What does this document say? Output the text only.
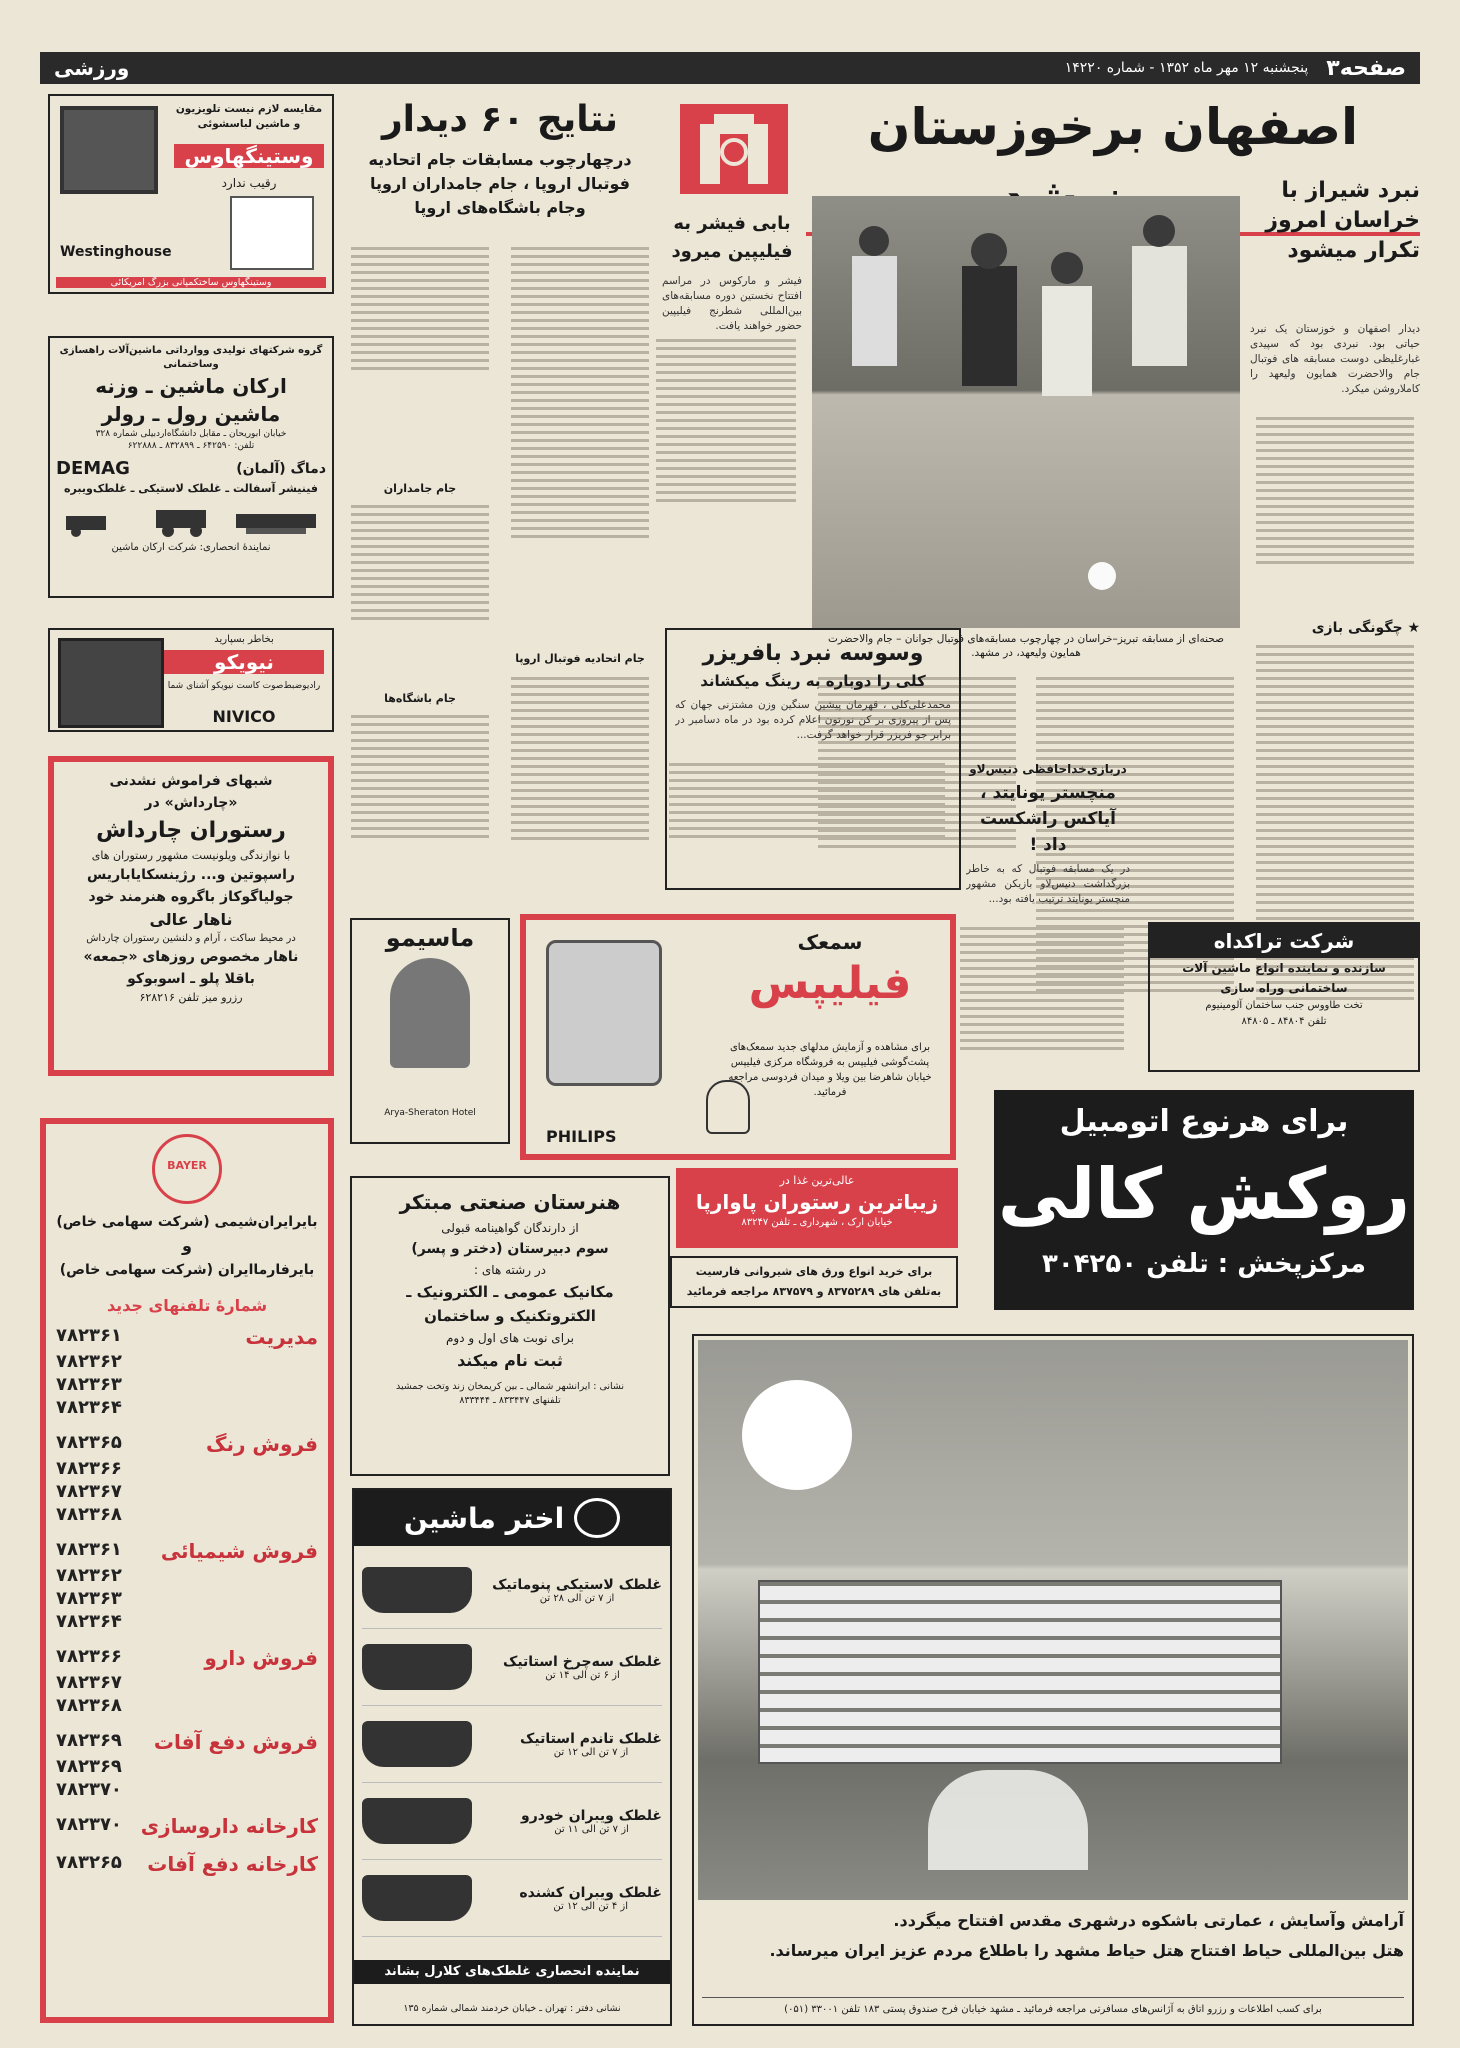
صفحه۳
پنجشنبه ۱۲ مهر ماه ۱۳۵۲ - شماره ۱۴۲۲۰
ورزشی
اصفهان برخوزستان
نبرد شیراز با خراسان امروز تکرار میشود
دیدار اصفهان و خوزستان یک نبرد حیاتی بود. نبردی بود که سپیدی غبارغلیظی دوست مسابقه های فوتبال جام والاحضرت همایون ولیعهد را کاملاروشن میکرد.
★ چگونگی بازی
صحنه‌ای از مسابقه تبریز–خراسان در چهارچوب مسابقه‌های فوتبال جوانان – جام والاحضرت همایون ولیعهد، در مشهد.
بابی فیشر به فیلیپین میرود
فیشر و مارکوس در مراسم افتتاح نخستین دوره مسابقه‌های بین‌المللی شطرنج فیلیپین حضور خواهند یافت.
نتایج ۶۰ دیدار
درچهارچوب مسابقات جام اتحادیه فوتبال اروپا ، جام جامداران اروپا وجام باشگاه‌های اروپا
جام اتحادیه فوتبال اروپا
جام جامداران
جام باشگاه‌ها
وسوسه نبرد بافریزر
کلی را دوباره به رینگ میکشاند
محمدعلی‌کلی ، قهرمان پیشین سنگین وزن مشتزنی جهان که پس از پیروزی بر کن نورتون اعلام کرده بود در ماه دسامبر در برابر جو فریزر قرار خواهد گرفت...
دربازی‌خداحافظی دنیس‌لاو
منچستر یونایتد ، آیاکس راشکست داد !
در یک مسابقه فوتبال که به خاطر بزرگداشت دنیس‌لاو بازیکن مشهور منچستر یونایتد ترتیب یافته بود...
مقایسه لازم نیست تلویزیون و ماشین لباسشوئی
وستینگهاوس
رقیب ندارد
Westinghouse
وستینگهاوس ساختکمپانی بزرگ امریکائی
گروه شرکتهای تولیدی ووارداتی ماشین‌آلات راهسازی وساختمانی
ارکان ماشین ـ وزنه
ماشین رول ـ رولر
خیابان ابوریحان ـ مقابل دانشگاه‌اردبیلی شماره ۳۲۸
تلفن: ۶۴۲۵۹۰ ـ ۸۳۲۸۹۹ ـ ۶۲۲۸۸۸
DEMAG	دماگ (آلمان)
فینیشر آسفالت ـ غلطک لاستیکی ـ غلطک‌ویبره
نمایندهٔ انحصاری: شرکت ارکان ماشین
بخاطر بسپارید
نیویکو
راديو‌ضبط‌صوت کاست نیویکو آشنای شما
NIVICO
شبهای فراموش نشدنی
«چارداش» در
رستوران چارداش
با نوازندگی ویلونیست مشهور رستوران های
راسپوتین و... رژینسکایاباریس
جولیاگوکاز باگروه هنرمند خود
ناهار عالی
در محیط ساکت ، آرام و دلنشین رستوران چارداش
ناهار مخصوص روزهای «جمعه»
باقلا پلو ـ اسوبوکو
رزرو میز تلفن ۶۲۸۲۱۶
BAYER
بایرایران‌شیمی (شرکت سهامی خاص)
و
بایرفارماایران (شرکت سهامی خاص)
شمارهٔ تلفنهای جدید
مدیریت
۷۸۲۳۶۱
۷۸۲۳۶۲
۷۸۲۳۶۳
۷۸۲۳۶۴
فروش رنگ
۷۸۲۳۶۵
۷۸۲۳۶۶
۷۸۲۳۶۷
۷۸۲۳۶۸
فروش شیمیائی
۷۸۲۳۶۱
۷۸۲۳۶۲
۷۸۲۳۶۳
۷۸۲۳۶۴
فروش دارو
۷۸۲۳۶۶
۷۸۲۳۶۷
۷۸۲۳۶۸
فروش دفع آفات
۷۸۲۳۶۹
۷۸۲۳۶۹
۷۸۲۳۷۰
کارخانه داروسازی
۷۸۲۳۷۰
کارخانه دفع آفات
۷۸۳۲۶۵
ماسیمو
Arya-Sheraton Hotel
سمعک
فیلیپس
برای مشاهده و آزمایش مدلهای جدید سمعک‌های پشت‌گوشی فیلیپس به فروشگاه مرکزی فیلیپس خیابان شاهرضا بین ویلا و میدان فردوسی مراجعه فرمائید.
PHILIPS
شرکت تراکداه
سازنده و نماینده انواع ماشین آلات
ساختمانی وراه سازی
تخت طاووس جنب ساختمان آلومینیوم
تلفن ۸۴۸۰۴ ـ ۸۴۸۰۵
هنرستان صنعتی مبتکر
از دارندگان گواهینامه قبولی
سوم دبیرستان (دختر و پسر)
در رشته های :
مکانیک عمومی ـ الکترونیک ـ
الکتروتکنیک و ساختمان
برای نوبت های اول و دوم
ثبت نام میکند
نشانی : ایرانشهر شمالی ـ بین کریمخان زند وتخت جمشید
تلفنهای ۸۳۳۴۴۷ ـ ۸۳۳۴۴۴
عالی‌ترین غذا در
زیباترین رستوران پاوارپا
خیابان ارک ، شهرداری ـ تلفن ۸۳۲۴۷
برای خرید انواع ورق های شیروانی فارسیت
به‌تلفن های ۸۳۷۵۲۸۹ و ۸۳۷۵۷۹ مراجعه فرمائید
برای هرنوع اتومبیل
روکش کالی
مرکزپخش : تلفن ۳۰۴۲۵۰
اختر ماشین
غلطک لاستیکی پنوماتیک
از ۷ تن الی ۲۸ تن
غلطک سه‌چرخ استاتیک
از ۶ تن الی ۱۴ تن
غلطک تاندم استاتیک
از ۷ تن الی ۱۲ تن
غلطک ویبران خودرو
از ۷ تن الی ۱۱ تن
غلطک ویبران کشنده
از ۴ تن الی ۱۲ تن
نماینده انحصاری غلطک‌های کلارل بشاند
نشانی دفتر : تهران ـ خیابان خردمند شمالی شماره ۱۳۵
آرامش وآسایش ، عمارتی باشکوه درشهری مقدس افتتاح میگردد.
هتل بین‌المللی حیاط افتتاح هتل حیاط مشهد را باطلاع مردم عزیز ایران میرساند.
برای کسب اطلاعات و رزرو اتاق به آژانس‌های مسافرتی مراجعه فرمائید ـ مشهد خیابان فرح صندوق پستی ۱۸۳ تلفن ۳۳۰۰۱ (۰۵۱)
